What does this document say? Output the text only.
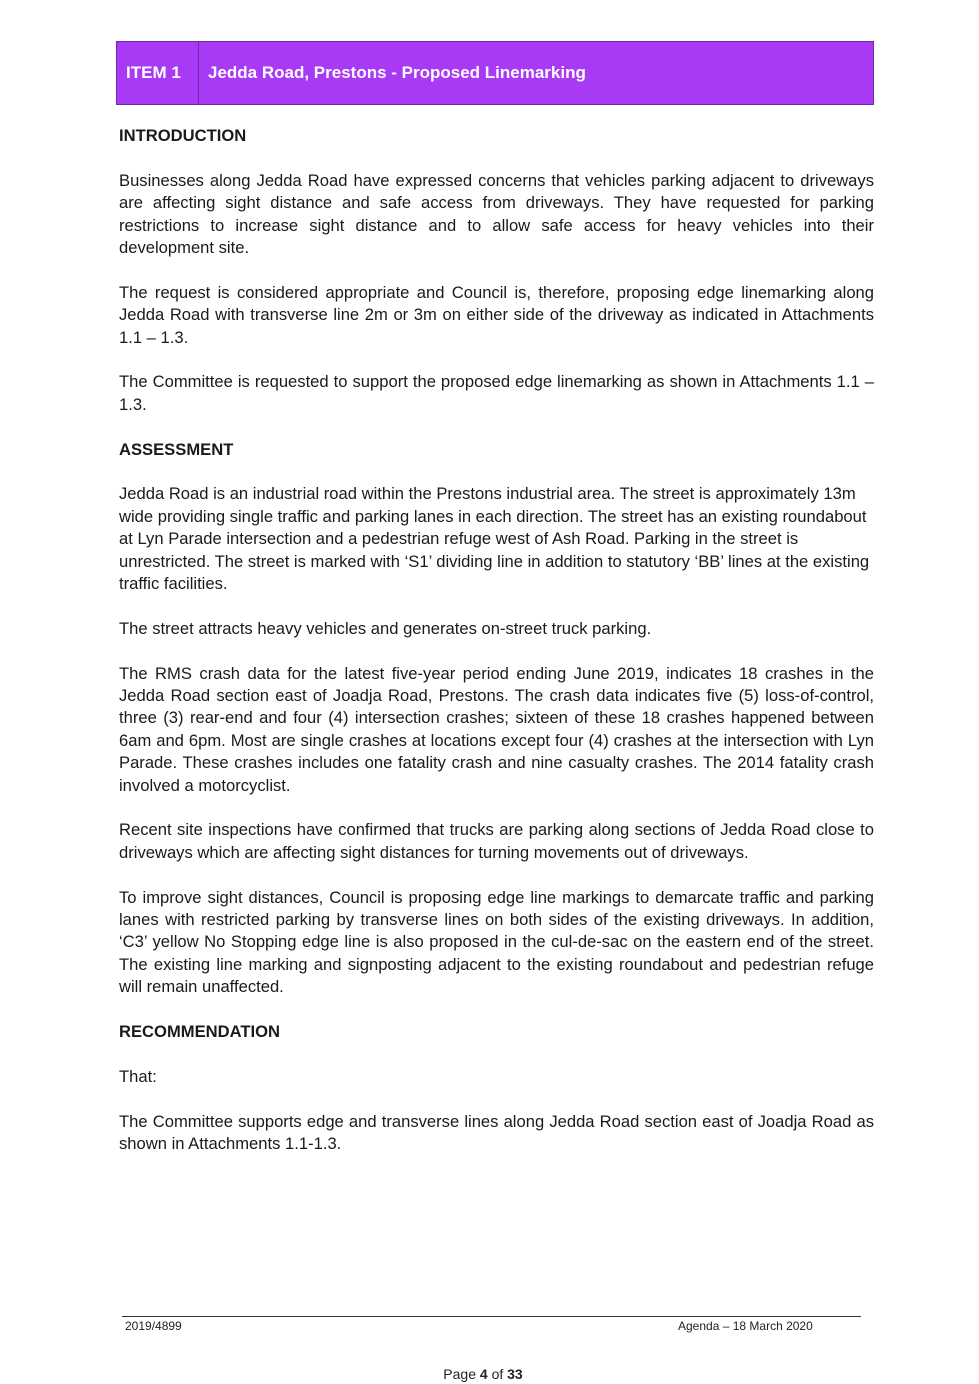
ITEM 1	Jedda Road, Prestons - Proposed Linemarking
INTRODUCTION

Businesses along Jedda Road have expressed concerns that vehicles parking adjacent to driveways are affecting sight distance and safe access from driveways. They have requested for parking restrictions to increase sight distance and to allow safe access for heavy vehicles into their development site.

The request is considered appropriate and Council is, therefore, proposing edge linemarking along Jedda Road with transverse line 2m or 3m on either side of the driveway as indicated in Attachments 1.1 – 1.3.

The Committee is requested to support the proposed edge linemarking as shown in Attachments 1.1 – 1.3.

ASSESSMENT

Jedda Road is an industrial road within the Prestons industrial area. The street is approximately 13m wide providing single traffic and parking lanes in each direction. The street has an existing roundabout at Lyn Parade intersection and a pedestrian refuge west of Ash Road. Parking in the street is unrestricted. The street is marked with ‘S1’ dividing line in addition to statutory ‘BB’ lines at the existing traffic facilities.

The street attracts heavy vehicles and generates on-street truck parking.

The RMS crash data for the latest five-year period ending June 2019, indicates 18 crashes in the Jedda Road section east of Joadja Road, Prestons. The crash data indicates five (5) loss-of-control, three (3) rear-end and four (4) intersection crashes; sixteen of these 18 crashes happened between 6am and 6pm. Most are single crashes at locations except four (4) crashes at the intersection with Lyn Parade. These crashes includes one fatality crash and nine casualty crashes. The 2014 fatality crash involved a motorcyclist.

Recent site inspections have confirmed that trucks are parking along sections of Jedda Road close to driveways which are affecting sight distances for turning movements out of driveways.

To improve sight distances, Council is proposing edge line markings to demarcate traffic and parking lanes with restricted parking by transverse lines on both sides of the existing driveways. In addition, ‘C3’ yellow No Stopping edge line is also proposed in the cul-de-sac on the eastern end of the street. The existing line marking and signposting adjacent to the existing roundabout and pedestrian refuge will remain unaffected.

RECOMMENDATION

That:

The Committee supports edge and transverse lines along Jedda Road section east of Joadja Road as shown in Attachments 1.1-1.3.

2019/4899	Agenda – 18 March 2020
Page 4 of 33
